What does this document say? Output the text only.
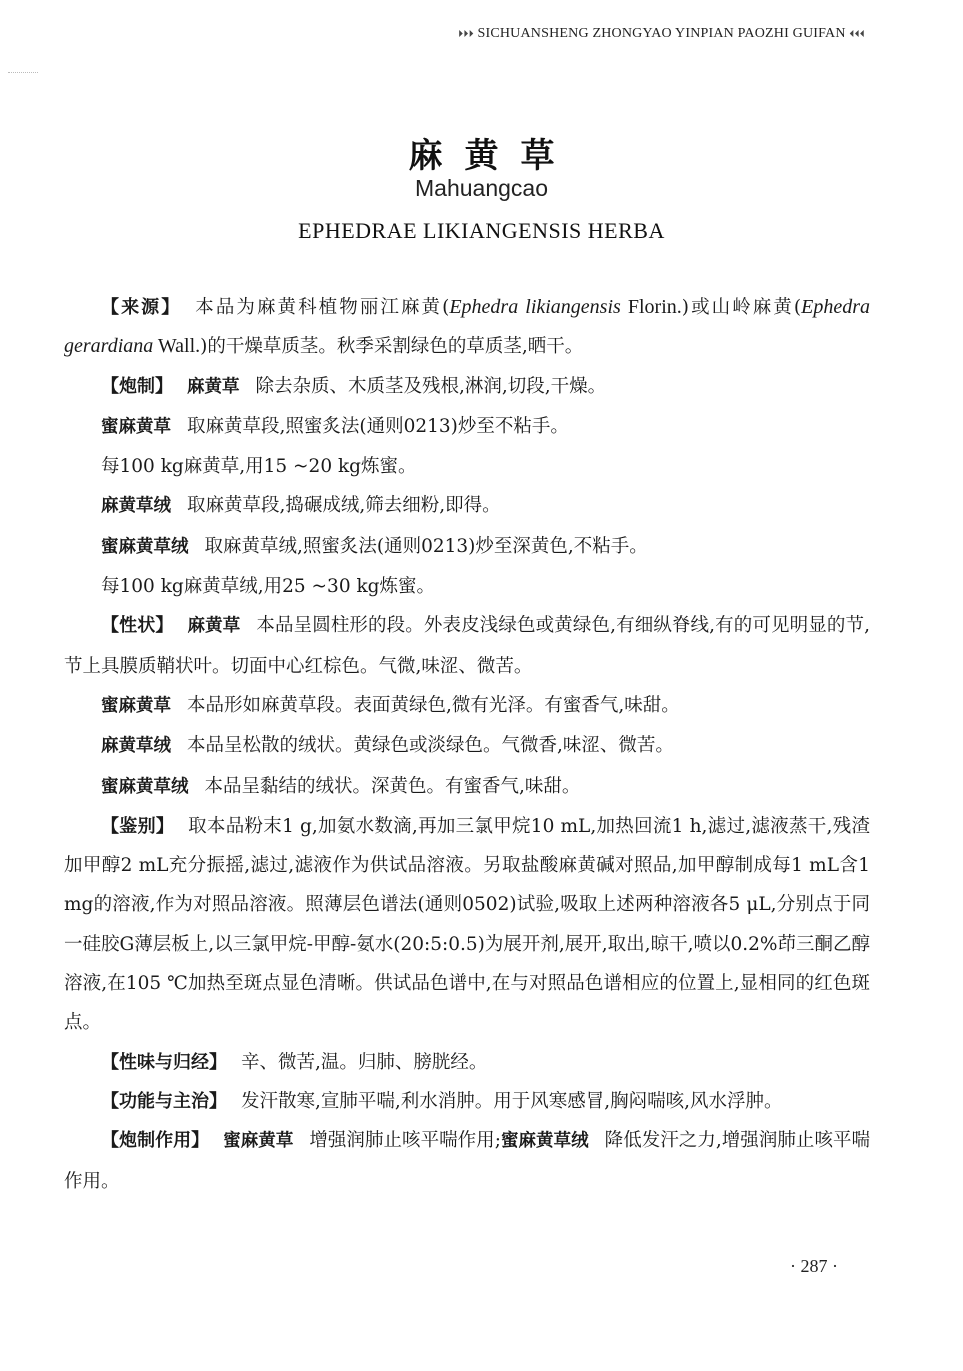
⏵⏵⏵ SICHUANSHENG ZHONGYAO YINPIAN PAOZHI GUIFAN ⏴⏴⏴
麻黄草
Mahuangcao
EPHEDRAE LIKIANGENSIS HERBA

【来源】 本品为麻黄科植物丽江麻黄(Ephedra likiangensis Florin.)或山岭麻黄(Ephedra gerardiana Wall.)的干燥草质茎。秋季采割绿色的草质茎,晒干。

【炮制】 麻黄草 除去杂质、木质茎及残根,淋润,切段,干燥。

蜜麻黄草 取麻黄草段,照蜜炙法(通则0213)炒至不粘手。

每100 kg麻黄草,用15 ~20 kg炼蜜。

麻黄草绒 取麻黄草段,捣碾成绒,筛去细粉,即得。

蜜麻黄草绒 取麻黄草绒,照蜜炙法(通则0213)炒至深黄色,不粘手。

每100 kg麻黄草绒,用25 ~30 kg炼蜜。

【性状】 麻黄草 本品呈圆柱形的段。外表皮浅绿色或黄绿色,有细纵脊线,有的可见明显的节,节上具膜质鞘状叶。切面中心红棕色。气微,味涩、微苦。

蜜麻黄草 本品形如麻黄草段。表面黄绿色,微有光泽。有蜜香气,味甜。

麻黄草绒 本品呈松散的绒状。黄绿色或淡绿色。气微香,味涩、微苦。

蜜麻黄草绒 本品呈黏结的绒状。深黄色。有蜜香气,味甜。

【鉴别】 取本品粉末1 g,加氨水数滴,再加三氯甲烷10 mL,加热回流1 h,滤过,滤液蒸干,残渣加甲醇2 mL充分振摇,滤过,滤液作为供试品溶液。另取盐酸麻黄碱对照品,加甲醇制成每1 mL含1 mg的溶液,作为对照品溶液。照薄层色谱法(通则0502)试验,吸取上述两种溶液各5 μL,分别点于同一硅胶G薄层板上,以三氯甲烷-甲醇-氨水(20:5:0.5)为展开剂,展开,取出,晾干,喷以0.2%茚三酮乙醇溶液,在105 ℃加热至斑点显色清晰。供试品色谱中,在与对照品色谱相应的位置上,显相同的红色斑点。

【性味与归经】 辛、微苦,温。归肺、膀胱经。

【功能与主治】 发汗散寒,宣肺平喘,利水消肿。用于风寒感冒,胸闷喘咳,风水浮肿。

【炮制作用】 蜜麻黄草 增强润肺止咳平喘作用;蜜麻黄草绒 降低发汗之力,增强润肺止咳平喘作用。

· 287 ·
